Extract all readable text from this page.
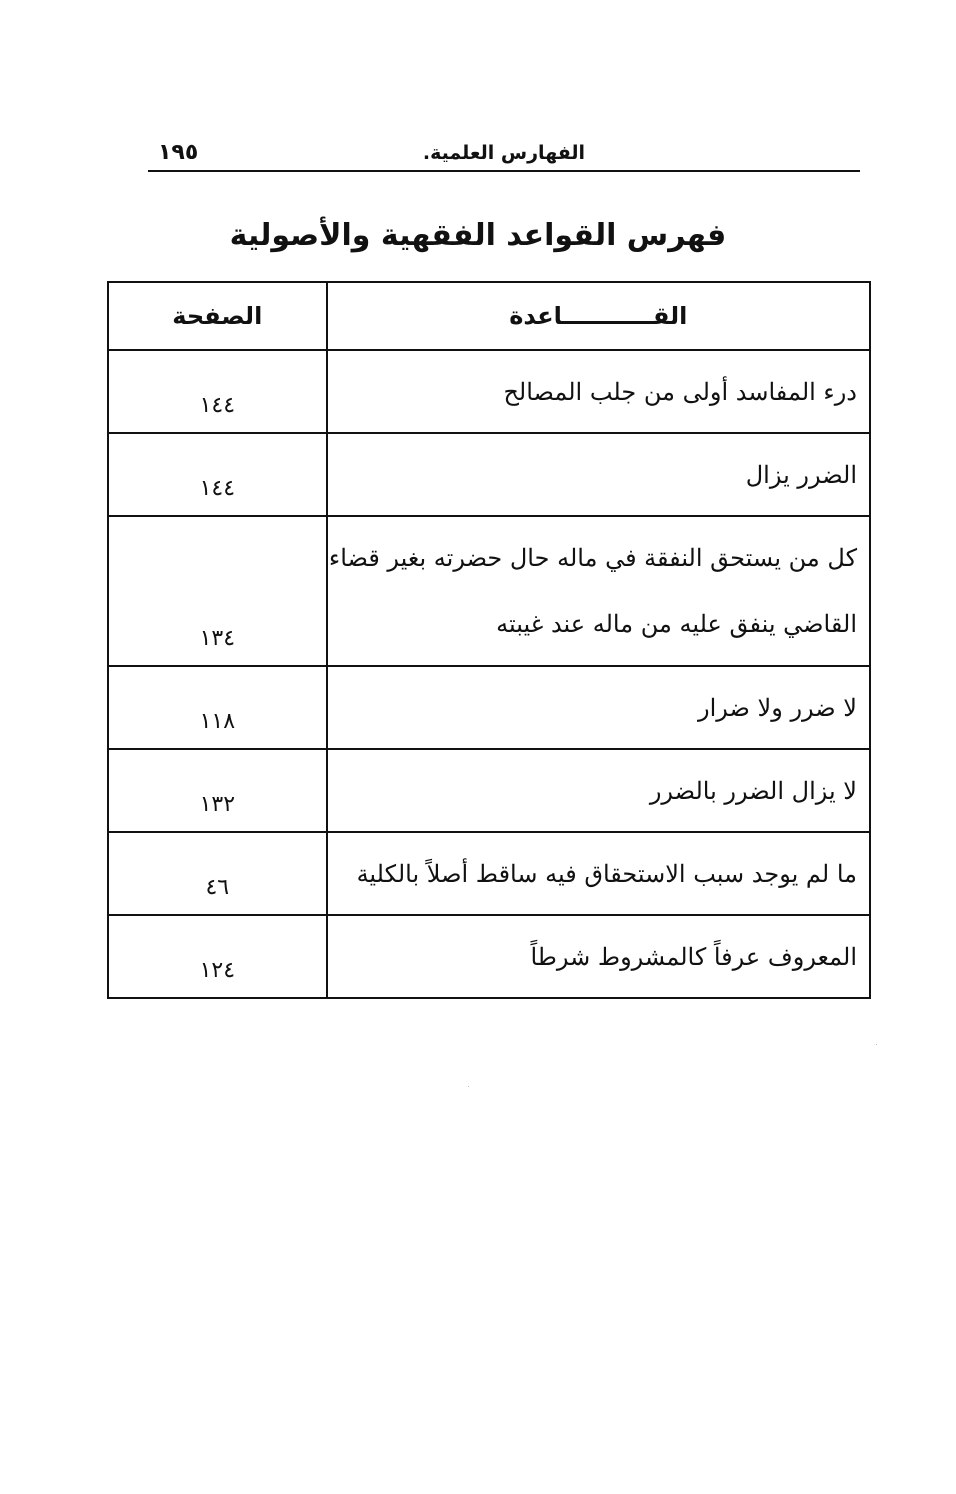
الفهارس العلمية.
١٩٥
فهرس القواعد الفقهية والأصولية
القـــــــــــاعدة	الصفحة
درء المفاسد أولى من جلب المصالح	١٤٤
الضرر يزال	١٤٤

كل من يستحق النفقة في ماله حال حضرته بغير قضاء
القاضي ينفق عليه من ماله عند غيبته	١٣٤
لا ضرر ولا ضرار	١١٨
لا يزال الضرر بالضرر	١٣٢
ما لم يوجد سبب الاستحقاق فيه ساقط أصلاً بالكلية	٤٦
المعروف عرفاً كالمشروط شرطاً	١٢٤
